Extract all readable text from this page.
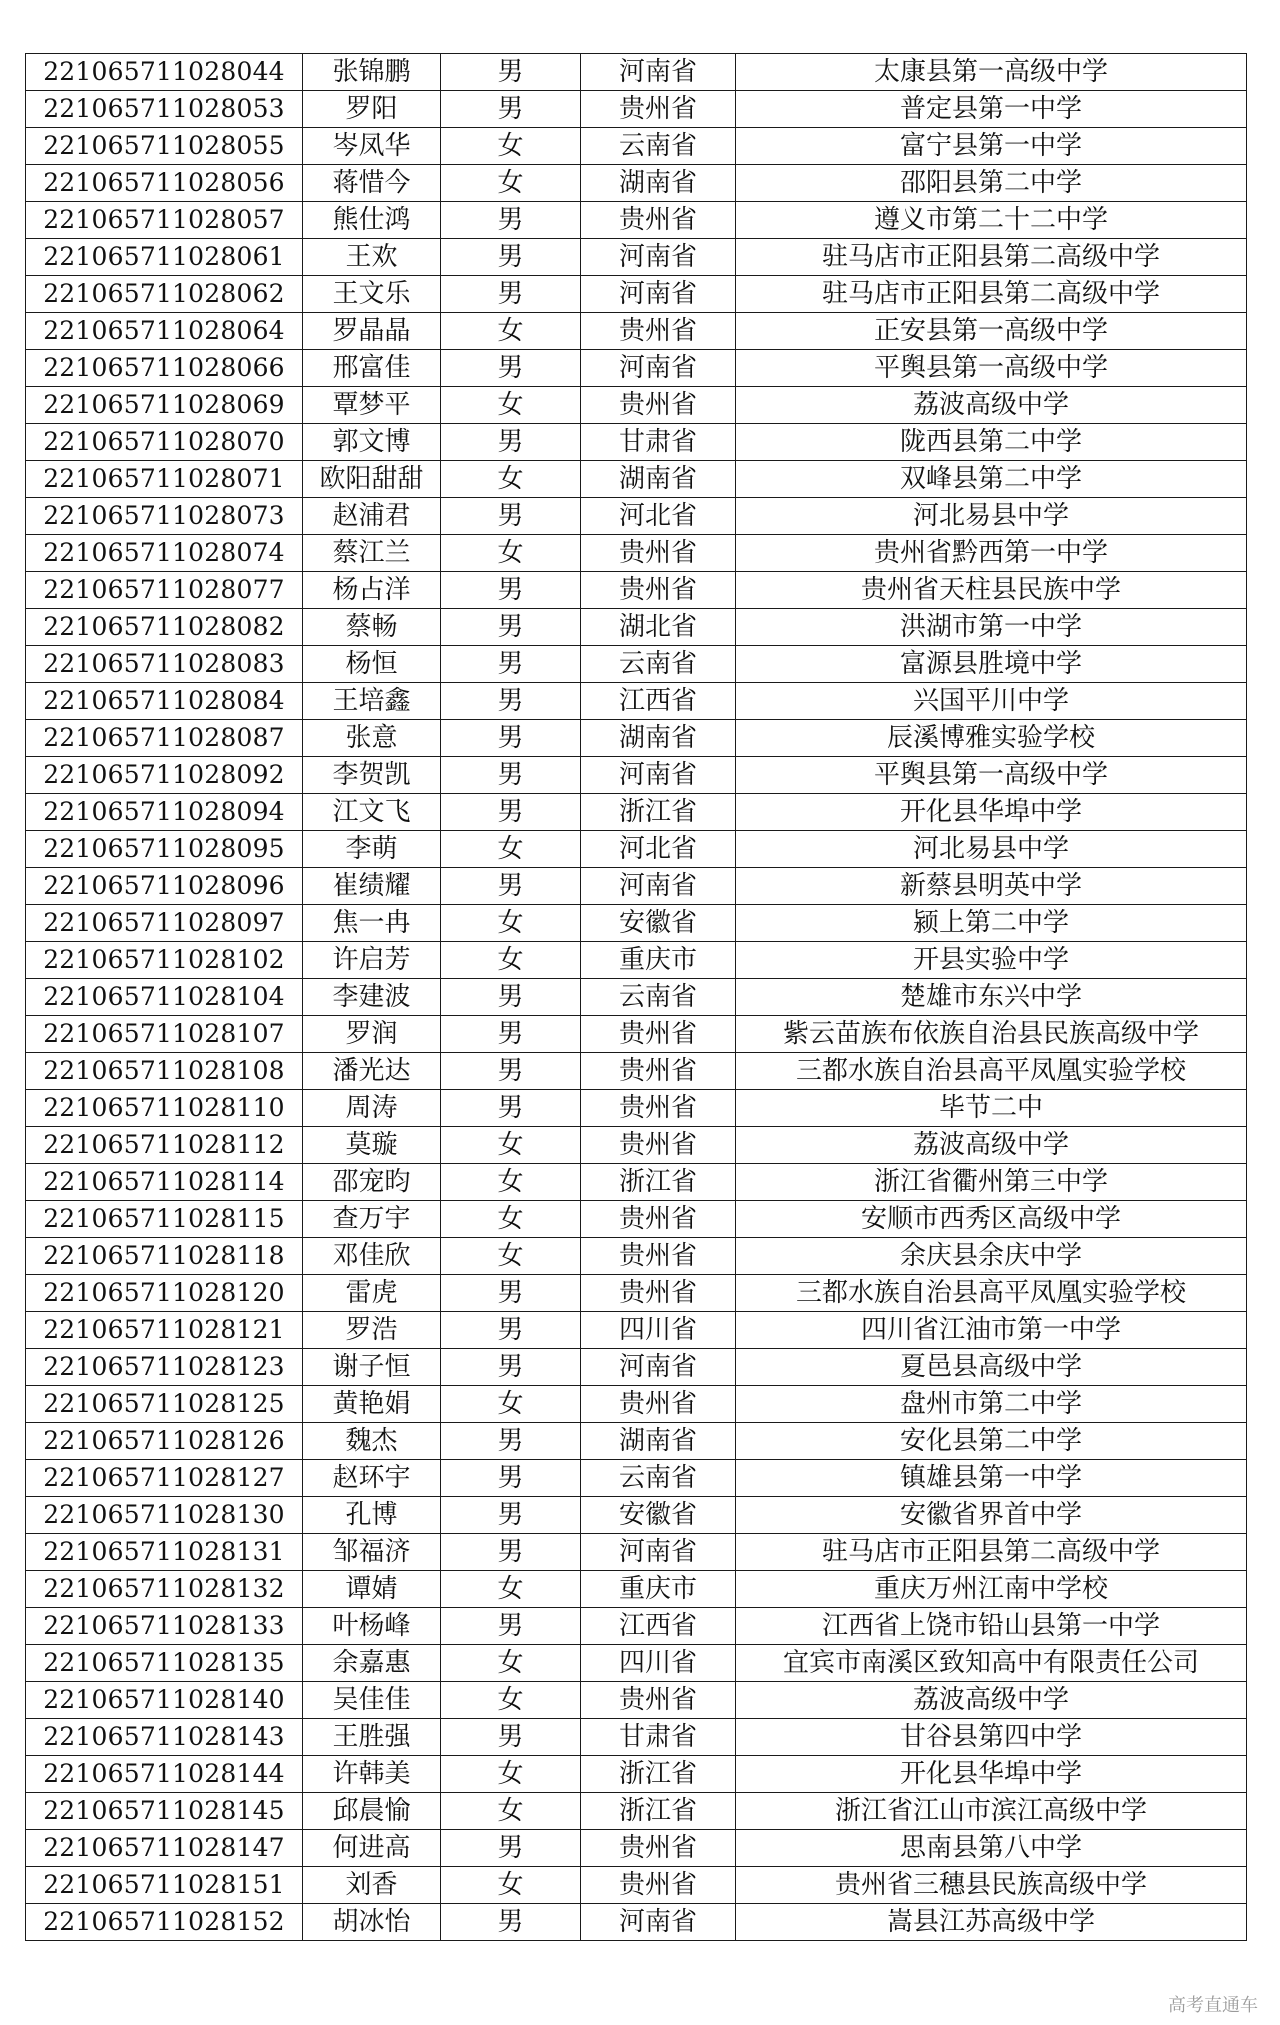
221065711028044	张锦鹏	男	河南省	太康县第一高级中学
221065711028053	罗阳	男	贵州省	普定县第一中学
221065711028055	岑凤华	女	云南省	富宁县第一中学
221065711028056	蒋惜今	女	湖南省	邵阳县第二中学
221065711028057	熊仕鸿	男	贵州省	遵义市第二十二中学
221065711028061	王欢	男	河南省	驻马店市正阳县第二高级中学
221065711028062	王文乐	男	河南省	驻马店市正阳县第二高级中学
221065711028064	罗晶晶	女	贵州省	正安县第一高级中学
221065711028066	邢富佳	男	河南省	平舆县第一高级中学
221065711028069	覃梦平	女	贵州省	荔波高级中学
221065711028070	郭文博	男	甘肃省	陇西县第二中学
221065711028071	欧阳甜甜	女	湖南省	双峰县第二中学
221065711028073	赵浦君	男	河北省	河北易县中学
221065711028074	蔡江兰	女	贵州省	贵州省黔西第一中学
221065711028077	杨占洋	男	贵州省	贵州省天柱县民族中学
221065711028082	蔡畅	男	湖北省	洪湖市第一中学
221065711028083	杨恒	男	云南省	富源县胜境中学
221065711028084	王培鑫	男	江西省	兴国平川中学
221065711028087	张意	男	湖南省	辰溪博雅实验学校
221065711028092	李贺凯	男	河南省	平舆县第一高级中学
221065711028094	江文飞	男	浙江省	开化县华埠中学
221065711028095	李萌	女	河北省	河北易县中学
221065711028096	崔绩耀	男	河南省	新蔡县明英中学
221065711028097	焦一冉	女	安徽省	颍上第二中学
221065711028102	许启芳	女	重庆市	开县实验中学
221065711028104	李建波	男	云南省	楚雄市东兴中学
221065711028107	罗润	男	贵州省	紫云苗族布依族自治县民族高级中学
221065711028108	潘光达	男	贵州省	三都水族自治县高平凤凰实验学校
221065711028110	周涛	男	贵州省	毕节二中
221065711028112	莫璇	女	贵州省	荔波高级中学
221065711028114	邵宠昀	女	浙江省	浙江省衢州第三中学
221065711028115	查万宇	女	贵州省	安顺市西秀区高级中学
221065711028118	邓佳欣	女	贵州省	余庆县余庆中学
221065711028120	雷虎	男	贵州省	三都水族自治县高平凤凰实验学校
221065711028121	罗浩	男	四川省	四川省江油市第一中学
221065711028123	谢子恒	男	河南省	夏邑县高级中学
221065711028125	黄艳娟	女	贵州省	盘州市第二中学
221065711028126	魏杰	男	湖南省	安化县第二中学
221065711028127	赵环宇	男	云南省	镇雄县第一中学
221065711028130	孔博	男	安徽省	安徽省界首中学
221065711028131	邹福济	男	河南省	驻马店市正阳县第二高级中学
221065711028132	谭婧	女	重庆市	重庆万州江南中学校
221065711028133	叶杨峰	男	江西省	江西省上饶市铅山县第一中学
221065711028135	余嘉惠	女	四川省	宜宾市南溪区致知高中有限责任公司
221065711028140	吴佳佳	女	贵州省	荔波高级中学
221065711028143	王胜强	男	甘肃省	甘谷县第四中学
221065711028144	许韩美	女	浙江省	开化县华埠中学
221065711028145	邱晨愉	女	浙江省	浙江省江山市滨江高级中学
221065711028147	何进高	男	贵州省	思南县第八中学
221065711028151	刘香	女	贵州省	贵州省三穗县民族高级中学
221065711028152	胡冰怡	男	河南省	嵩县江苏高级中学
高考直通车
